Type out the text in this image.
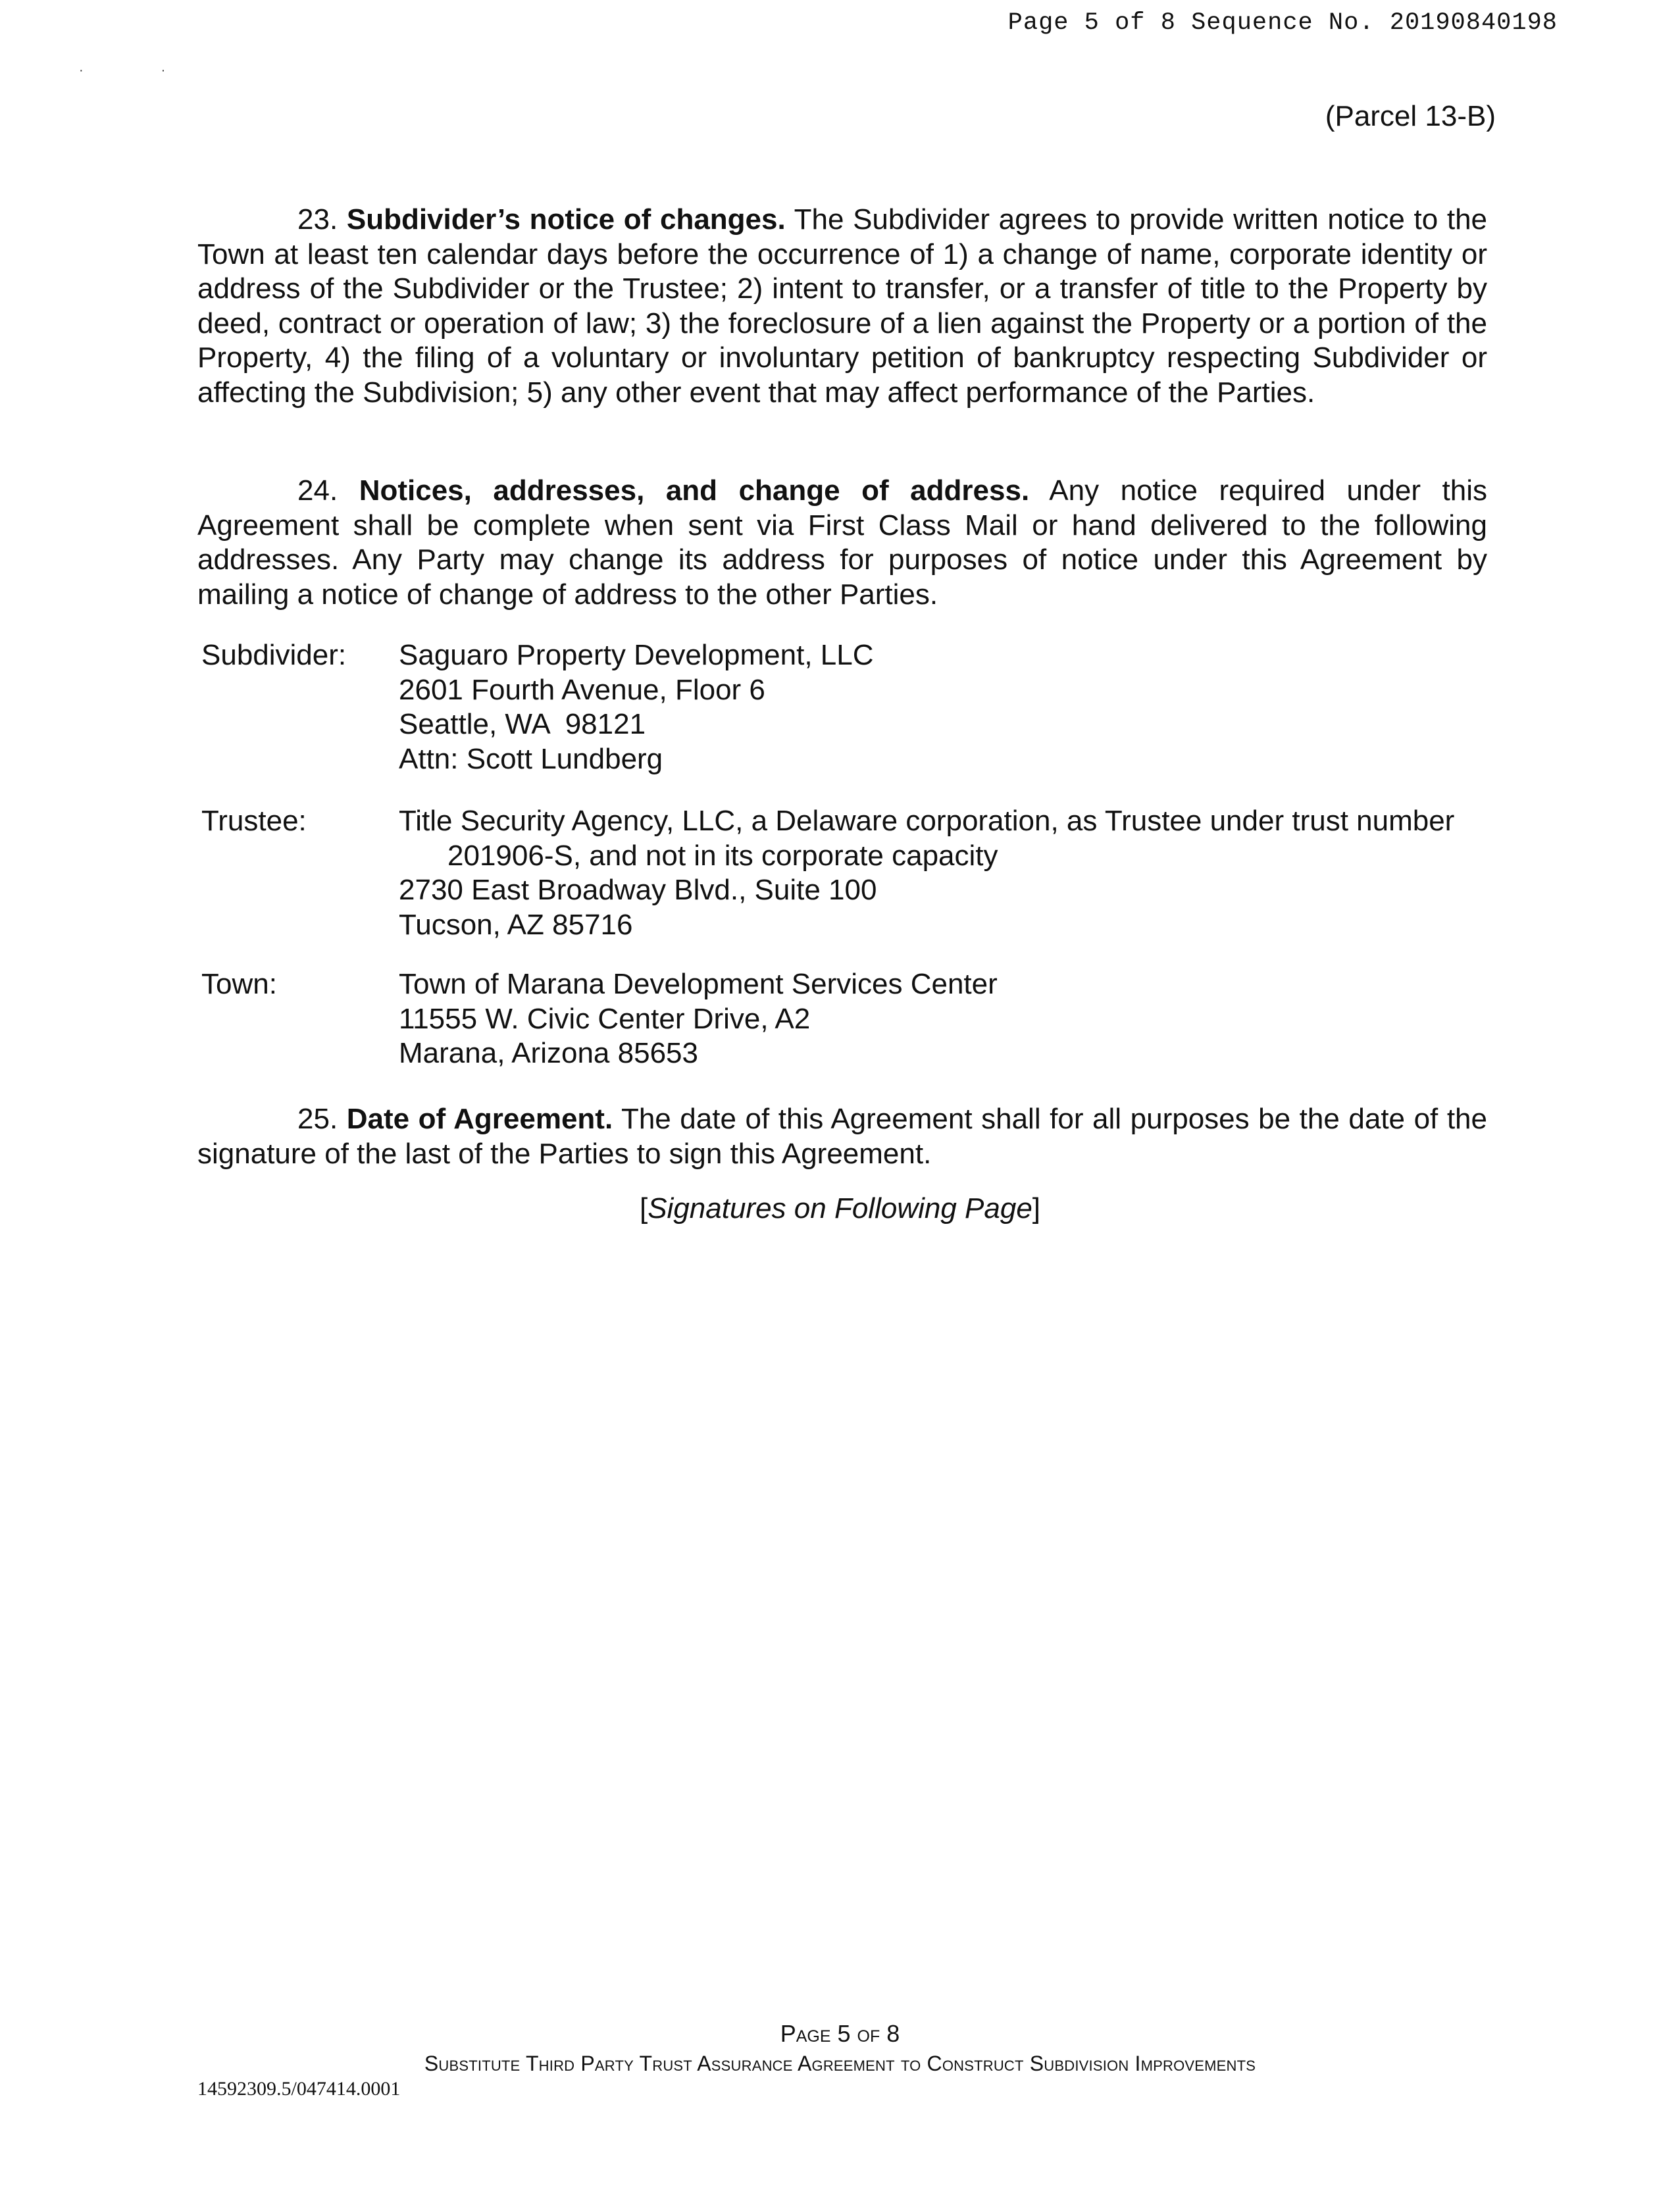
Page 5 of 8 Sequence No. 20190840198
·	·
(Parcel 13-B)

23. Subdivider’s notice of changes. The Subdivider agrees to provide written notice to the Town at least ten calendar days before the occurrence of 1) a change of name, corporate identity or address of the Subdivider or the Trustee; 2) intent to transfer, or a transfer of title to the Property by deed, contract or operation of law; 3) the foreclosure of a lien against the Property or a portion of the Property, 4) the filing of a voluntary or involuntary petition of bankruptcy respecting Subdivider or affecting the Subdivision; 5) any other event that may affect performance of the Parties.

24. Notices, addresses, and change of address. Any notice required under this Agreement shall be complete when sent via First Class Mail or hand delivered to the following addresses. Any Party may change its address for purposes of notice under this Agreement by mailing a notice of change of address to the other Parties.

Subdivider: Saguaro Property Development, LLC
2601 Fourth Avenue, Floor 6
Seattle, WA  98121
Attn: Scott Lundberg
Trustee:	Title Security Agency, LLC, a Delaware corporation, as Trustee under trust number
201906-S, and not in its corporate capacity
2730 East Broadway Blvd., Suite 100
Tucson, AZ 85716
Town:	Town of Marana Development Services Center
11555 W. Civic Center Drive, A2
Marana, Arizona 85653

25. Date of Agreement. The date of this Agreement shall for all purposes be the date of the signature of the last of the Parties to sign this Agreement.

[Signatures on Following Page]
Page 5 of 8
Substitute Third Party Trust Assurance Agreement to Construct Subdivision Improvements
14592309.5/047414.0001
